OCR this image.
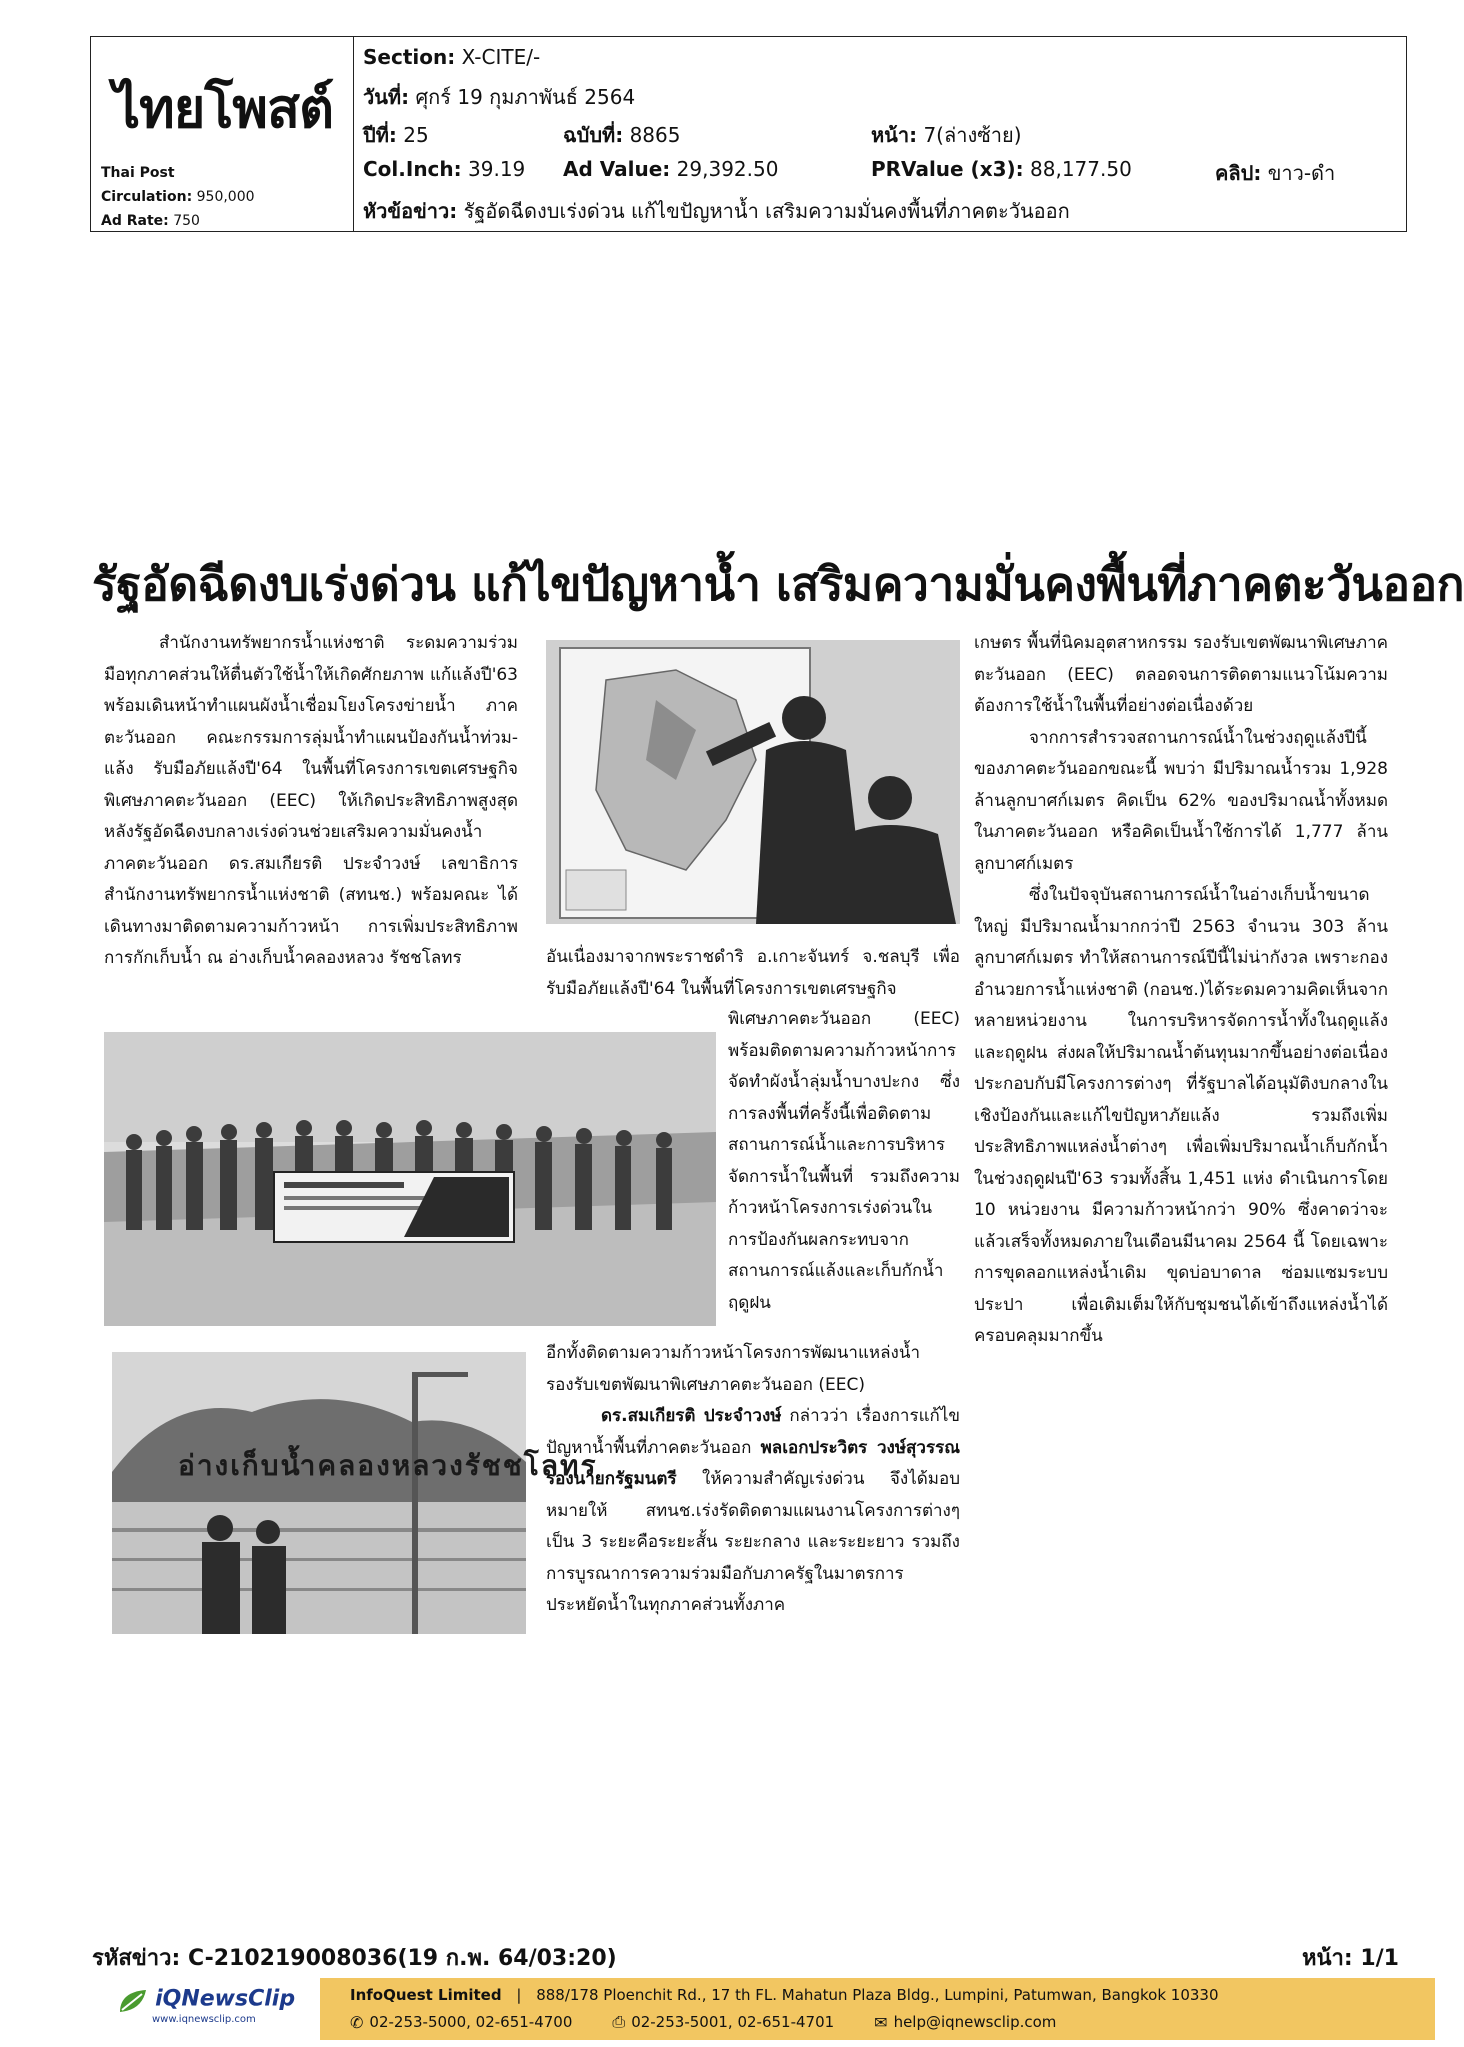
ไทยโพสต์
Thai Post
Circulation: 950,000
Ad Rate: 750
Section: X-CITE/-
วันที่: ศุกร์ 19 กุมภาพันธ์ 2564
ปีที่: 25	ฉบับที่: 8865	หน้า: 7(ล่างซ้าย)
Col.Inch: 39.19 Ad Value: 29,392.50	PRValue (x3): 88,177.50	คลิป: ขาว-ดำ
หัวข้อข่าว: รัฐอัดฉีดงบเร่งด่วน แก้ไขปัญหาน้ำ เสริมความมั่นคงพื้นที่ภาคตะวันออก
รัฐอัดฉีดงบเร่งด่วน แก้ไขปัญหาน้ำ เสริมความมั่นคงพื้นที่ภาคตะวันออก

สำนักงานทรัพยากรน้ำแห่งชาติ ระดมความร่วมมือทุกภาคส่วนให้ตื่นตัวใช้น้ำให้เกิดศักยภาพ แก้แล้งปี'63 พร้อมเดินหน้าทำแผนผังน้ำเชื่อมโยงโครงข่ายน้ำ ภาคตะวันออก คณะกรรมการลุ่มน้ำทำแผนป้องกันน้ำท่วม-แล้ง รับมือภัยแล้งปี'64 ในพื้นที่โครงการเขตเศรษฐกิจพิเศษภาคตะวันออก (EEC) ให้เกิดประสิทธิภาพสูงสุด หลังรัฐอัดฉีดงบกลางเร่งด่วนช่วยเสริมความมั่นคงน้ำ ภาคตะวันออก ดร.สมเกียรติ ประจำวงษ์ เลขาธิการสำนักงานทรัพยากรน้ำแห่งชาติ (สทนช.) พร้อมคณะ ได้เดินทางมาติดตามความก้าวหน้า การเพิ่มประสิทธิภาพการกักเก็บน้ำ ณ อ่างเก็บน้ำคลองหลวง รัชชโลทร

อ่างเก็บน้ำคลองหลวงรัชชโลทร

อันเนื่องมาจากพระราชดำริ อ.เกาะจันทร์ จ.ชลบุรี เพื่อรับมือภัยแล้งปี'64 ในพื้นที่โครงการเขตเศรษฐกิจ

พิเศษภาคตะวันออก (EEC) พร้อมติดตามความก้าวหน้าการจัดทำผังน้ำลุ่มน้ำบางปะกง ซึ่งการลงพื้นที่ครั้งนี้เพื่อติดตามสถานการณ์น้ำและการบริหารจัดการน้ำในพื้นที่ รวมถึงความก้าวหน้าโครงการเร่งด่วนในการป้องกันผลกระทบจากสถานการณ์แล้งและเก็บกักน้ำฤดูฝน

อีกทั้งติดตามความก้าวหน้าโครงการพัฒนาแหล่งน้ำรองรับเขตพัฒนาพิเศษภาคตะวันออก (EEC)

ดร.สมเกียรติ ประจำวงษ์ กล่าวว่า เรื่องการแก้ไขปัญหาน้ำพื้นที่ภาคตะวันออก พลเอกประวิตร วงษ์สุวรรณ รองนายกรัฐมนตรี ให้ความสำคัญเร่งด่วน จึงได้มอบหมายให้ สทนช.เร่งรัดติดตามแผนงานโครงการต่างๆ เป็น 3 ระยะคือระยะสั้น ระยะกลาง และระยะยาว รวมถึงการบูรณาการความร่วมมือกับภาครัฐในมาตรการประหยัดน้ำในทุกภาคส่วนทั้งภาค

เกษตร พื้นที่นิคมอุตสาหกรรม รองรับเขตพัฒนาพิเศษภาคตะวันออก (EEC) ตลอดจนการติดตามแนวโน้มความต้องการใช้น้ำในพื้นที่อย่างต่อเนื่องด้วย

จากการสำรวจสถานการณ์น้ำในช่วงฤดูแล้งปีนี้ของภาคตะวันออกขณะนี้ พบว่า มีปริมาณน้ำรวม 1,928 ล้านลูกบาศก์เมตร คิดเป็น 62% ของปริมาณน้ำทั้งหมดในภาคตะวันออก หรือคิดเป็นน้ำใช้การได้ 1,777 ล้านลูกบาศก์เมตร

ซึ่งในปัจจุบันสถานการณ์น้ำในอ่างเก็บน้ำขนาดใหญ่ มีปริมาณน้ำมากกว่าปี 2563 จำนวน 303 ล้านลูกบาศก์เมตร ทำให้สถานการณ์ปีนี้ไม่น่ากังวล เพราะกองอำนวยการน้ำแห่งชาติ (กอนช.)ได้ระดมความคิดเห็นจากหลายหน่วยงาน ในการบริหารจัดการน้ำทั้งในฤดูแล้ง และฤดูฝน ส่งผลให้ปริมาณน้ำต้นทุนมากขึ้นอย่างต่อเนื่อง ประกอบกับมีโครงการต่างๆ ที่รัฐบาลได้อนุมัติงบกลางในเชิงป้องกันและแก้ไขปัญหาภัยแล้ง รวมถึงเพิ่มประสิทธิภาพแหล่งน้ำต่างๆ เพื่อเพิ่มปริมาณน้ำเก็บกักน้ำในช่วงฤดูฝนปี'63 รวมทั้งสิ้น 1,451 แห่ง ดำเนินการโดย 10 หน่วยงาน มีความก้าวหน้ากว่า 90% ซึ่งคาดว่าจะแล้วเสร็จทั้งหมดภายในเดือนมีนาคม 2564 นี้ โดยเฉพาะ การขุดลอกแหล่งน้ำเดิม ขุดบ่อบาดาล ซ่อมแซมระบบประปา เพื่อเติมเต็มให้กับชุมชนได้เข้าถึงแหล่งน้ำได้ครอบคลุมมากขึ้น

รหัสข่าว: C-210219008036(19 ก.พ. 64/03:20)	หน้า: 1/1
iQNewsClip
www.iqnewsclip.com
InfoQuest Limited | 888/178 Ploenchit Rd., 17 th FL. Mahatun Plaza Bldg., Lumpini, Patumwan, Bangkok 10330
✆ 02-253-5000, 02-651-4700	⎙ 02-253-5001, 02-651-4701	✉ help@iqnewsclip.com
